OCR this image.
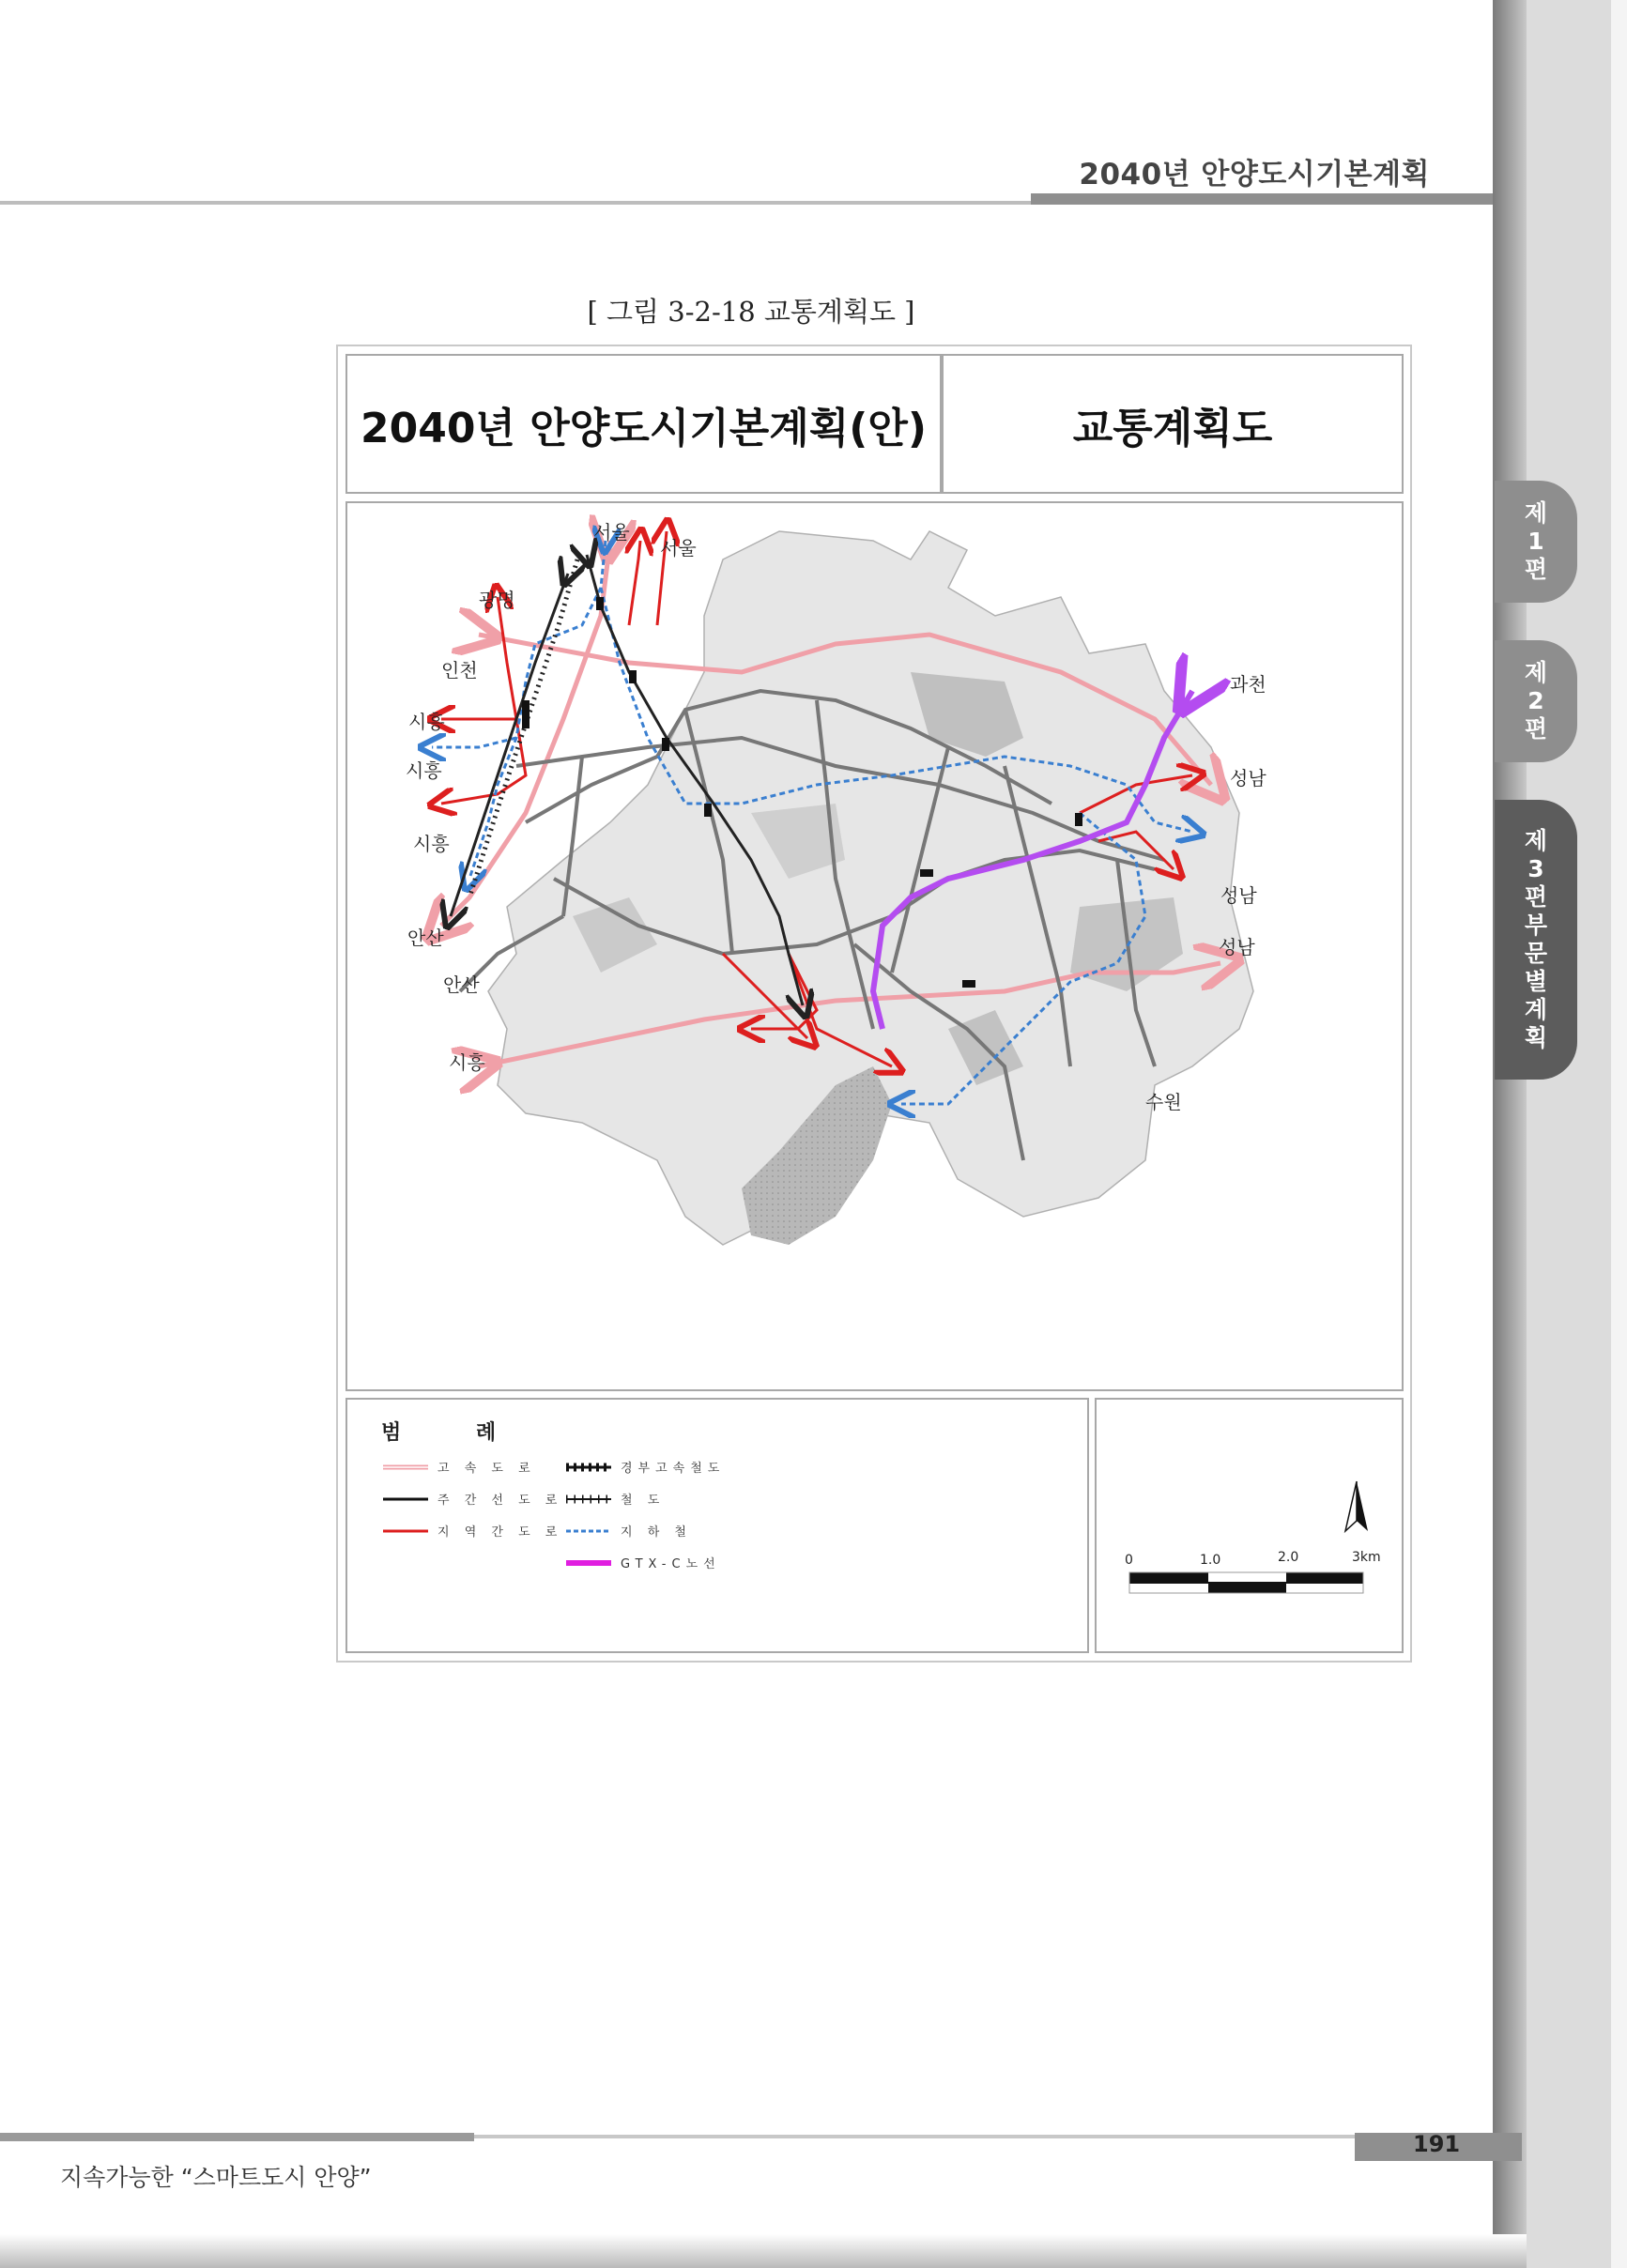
2040년 안양도시기본계획
제
1
편
제
2
편
제
3
편
부
문
별
계
획
[ 그림 3-2-18 교통계획도 ]
2040년 안양도시기본계획(안)	교통계획도
서울
서울
광명
인천
시흥
시흥
시흥
안산
안산
시흥
과천
성남
성남
성남
수원
범 례
고 속 도 로
주 간 선 도 로
지 역 간 도 로
경부고속철도
철 도
지 하 철
GTX-C노선	0	1.0	2.0	3km
지속가능한 “스마트도시 안양”
191
